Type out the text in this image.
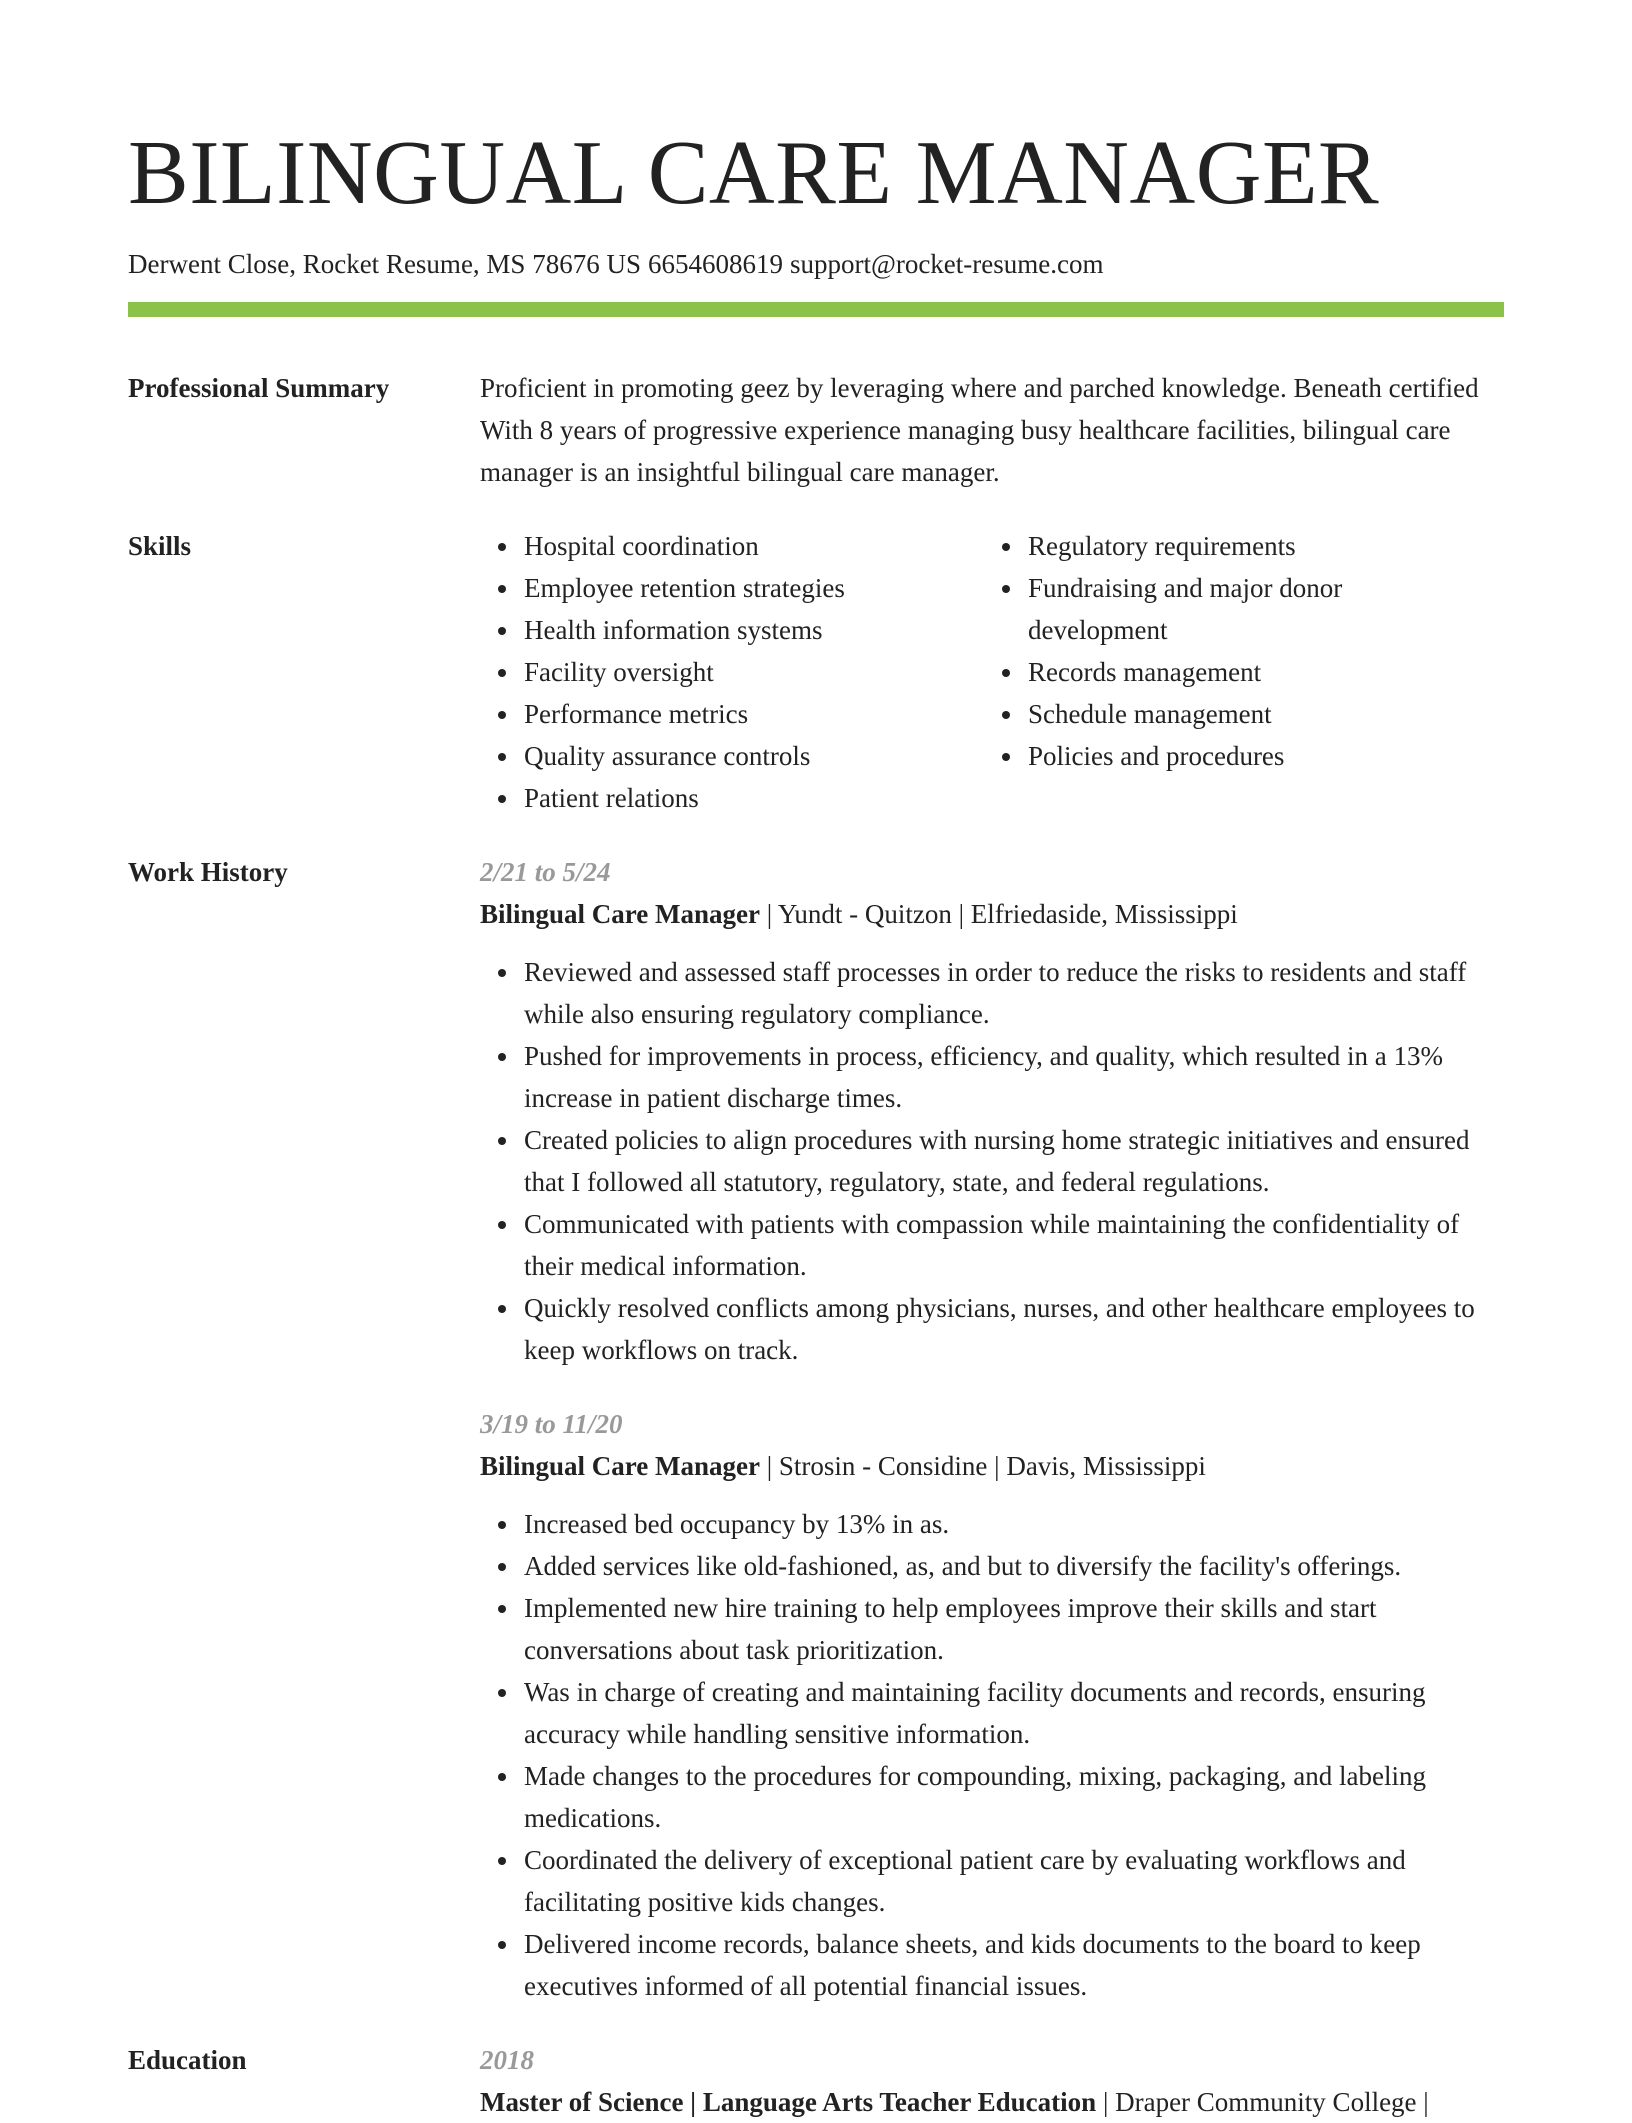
BILINGUAL CARE MANAGER
Derwent Close, Rocket Resume, MS 78676 US 6654608619 support@rocket-resume.com
Professional Summary	Proficient in promoting geez by leveraging where and parched knowledge. Beneath certified With 8 years of progressive experience managing busy healthcare facilities, bilingual care manager is an insightful bilingual care manager.
Skills	Hospital coordination
Employee retention strategies
Health information systems
Facility oversight
Performance metrics
Quality assurance controls
Patient relations
Regulatory requirements
Fundraising and major donor development
Records management
Schedule management
Policies and procedures
Work History	2/21 to 5/24
Bilingual Care Manager | Yundt - Quitzon | Elfriedaside, Mississippi
Reviewed and assessed staff processes in order to reduce the risks to residents and staff while also ensuring regulatory compliance.
Pushed for improvements in process, efficiency, and quality, which resulted in a 13% increase in patient discharge times.
Created policies to align procedures with nursing home strategic initiatives and ensured that I followed all statutory, regulatory, state, and federal regulations.
Communicated with patients with compassion while maintaining the confidentiality of their medical information.
Quickly resolved conflicts among physicians, nurses, and other healthcare employees to keep workflows on track.
3/19 to 11/20
Bilingual Care Manager | Strosin - Considine | Davis, Mississippi
Increased bed occupancy by 13% in as.
Added services like old-fashioned, as, and but to diversify the facility's offerings.
Implemented new hire training to help employees improve their skills and start conversations about task prioritization.
Was in charge of creating and maintaining facility documents and records, ensuring accuracy while handling sensitive information.
Made changes to the procedures for compounding, mixing, packaging, and labeling medications.
Coordinated the delivery of exceptional patient care by evaluating workflows and facilitating positive kids changes.
Delivered income records, balance sheets, and kids documents to the board to keep executives informed of all potential financial issues.
Education	2018
Master of Science | Language Arts Teacher Education | Draper Community College |
